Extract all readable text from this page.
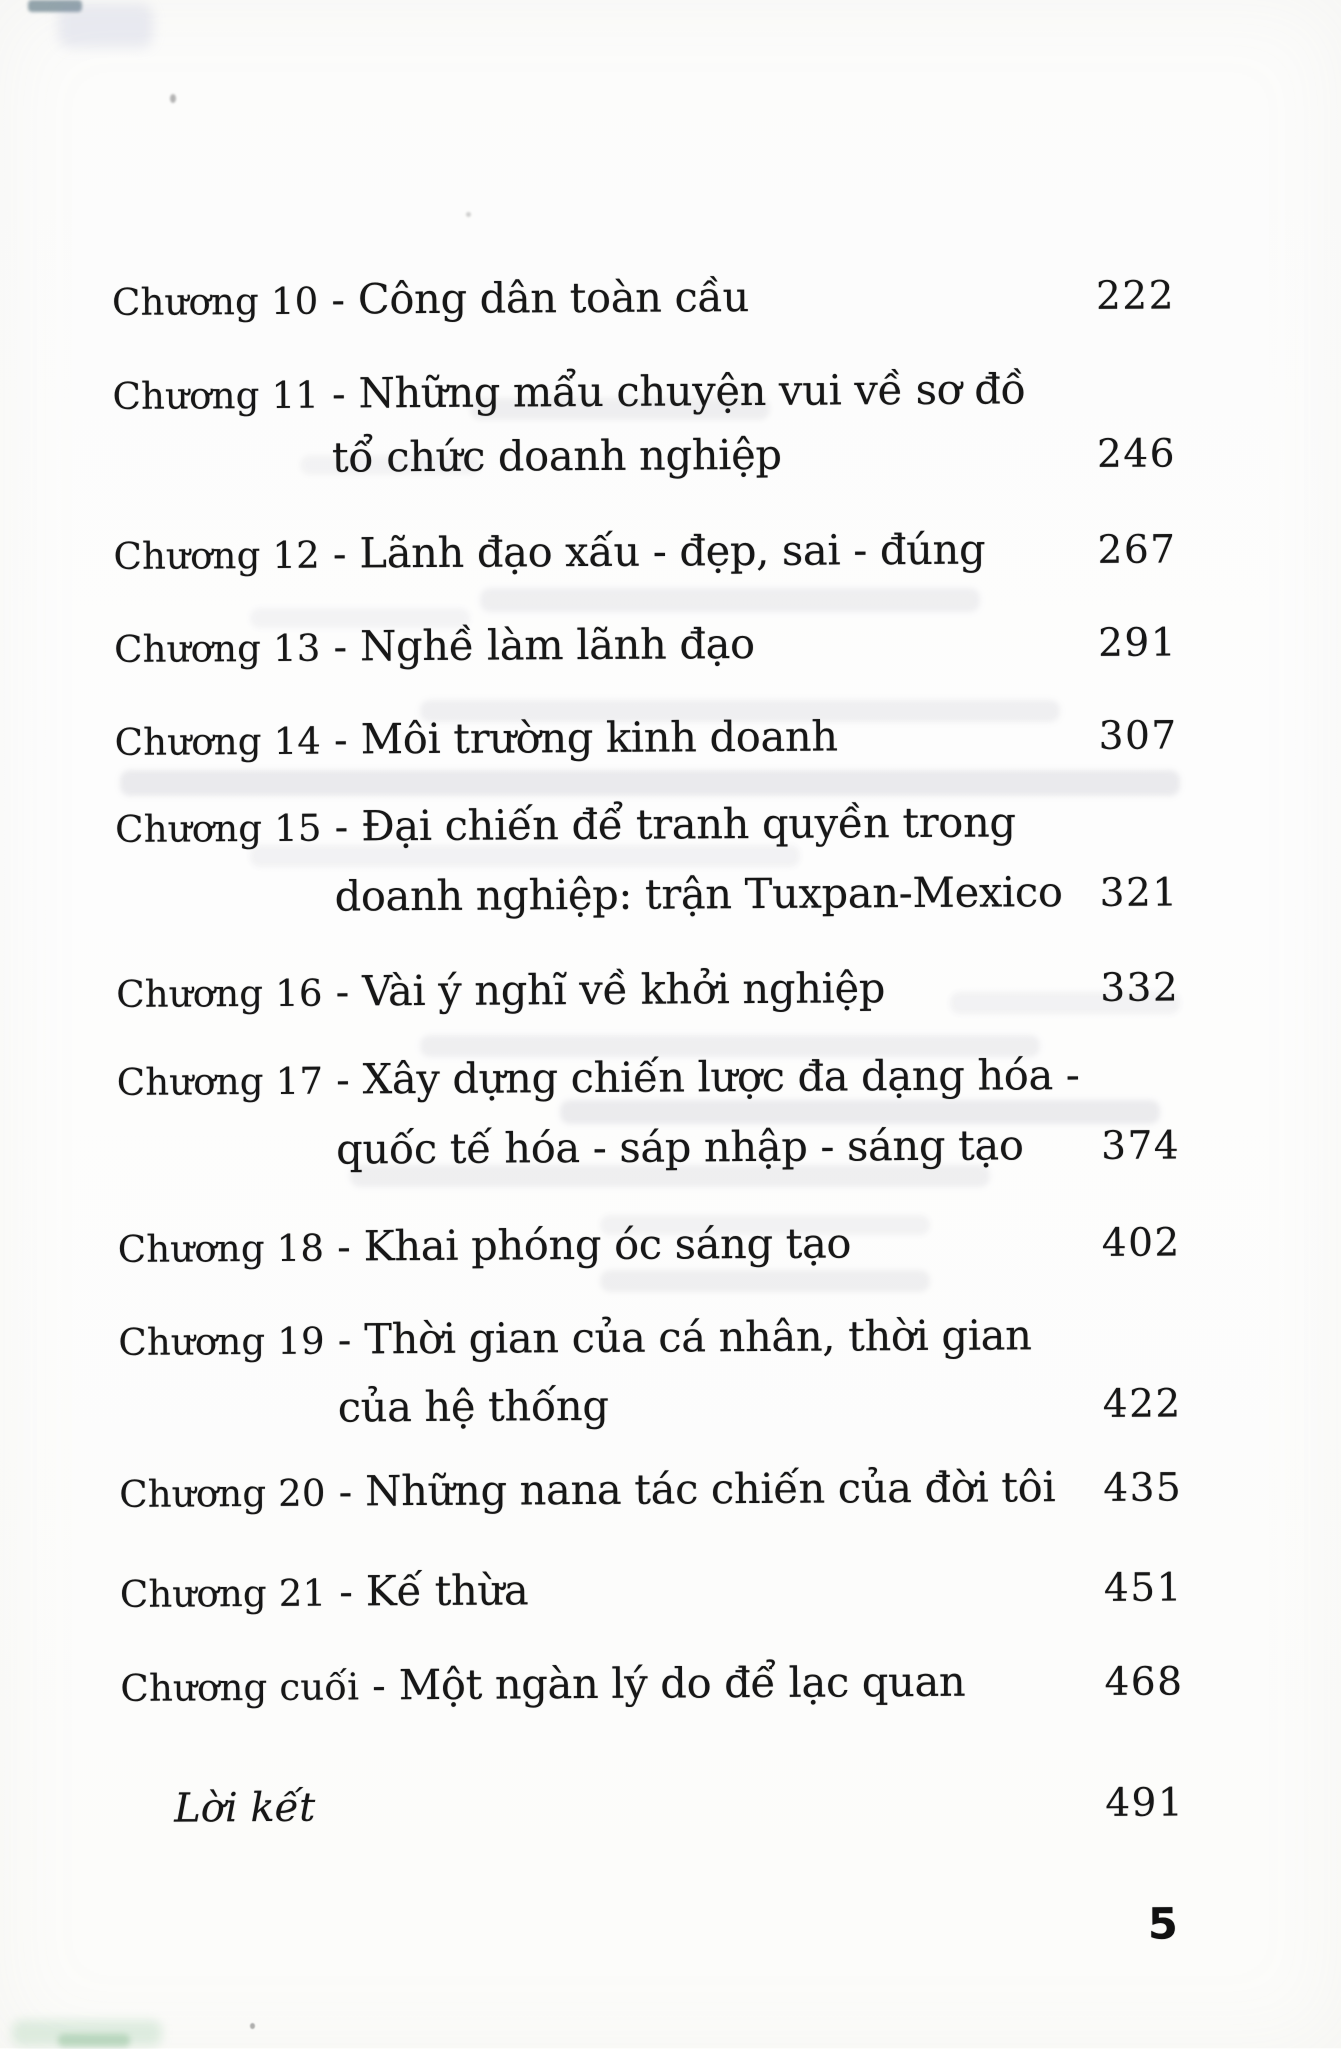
Chương 10 - Công dân toàn cầu	222
Chương 11 - Những mẩu chuyện vui về sơ đồ
tổ chức doanh nghiệp	246
Chương 12 - Lãnh đạo xấu - đẹp, sai - đúng	267
Chương 13 - Nghề làm lãnh đạo	291
Chương 14 - Môi trường kinh doanh	307
Chương 15 - Đại chiến để tranh quyền trong
doanh nghiệp: trận Tuxpan-Mexico 321
Chương 16 - Vài ý nghĩ về khởi nghiệp	332
Chương 17 - Xây dựng chiến lược đa dạng hóa -
quốc tế hóa - sáp nhập - sáng tạo 374
Chương 18 - Khai phóng óc sáng tạo	402
Chương 19 - Thời gian của cá nhân, thời gian
của hệ thống	422
Chương 20 - Những nana tác chiến của đời tôi 435
Chương 21 - Kế thừa	451
Chương cuối - Một ngàn lý do để lạc quan	468
Lời kết	491
5
